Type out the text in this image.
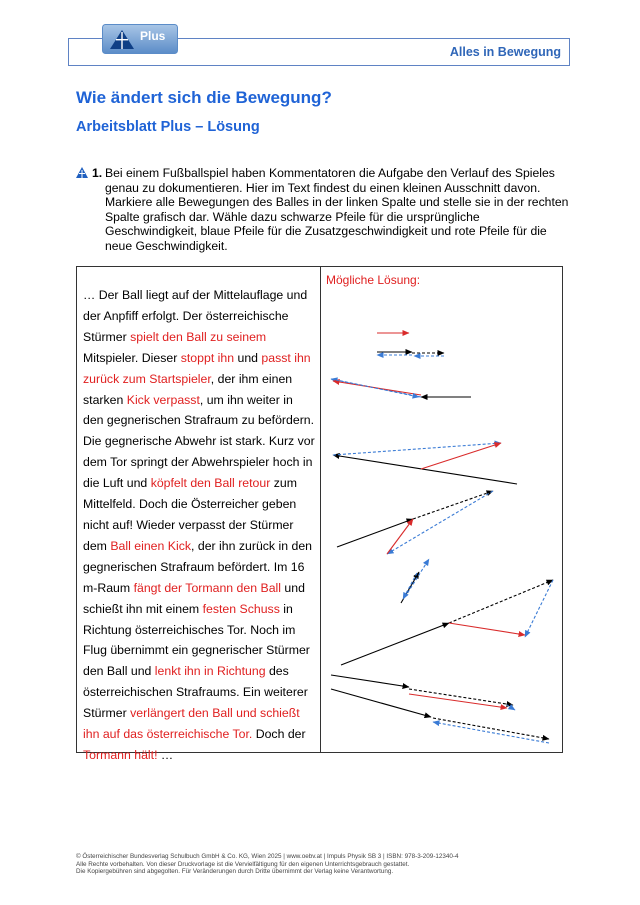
Alles in Bewegung
Plus
Wie ändert sich die Bewegung?
Arbeitsblatt Plus – Lösung
1. Bei einem Fußballspiel haben Kommentatoren die Aufgabe den Verlauf des Spieles genau zu dokumentieren. Hier im Text findest du einen kleinen Ausschnitt davon. Markiere alle Bewegungen des Balles in der linken Spalte und stelle sie in der rechten Spalte grafisch dar. Wähle dazu schwarze Pfeile für die ursprüngliche Geschwindigkeit, blaue Pfeile für die Zusatzgeschwindigkeit und rote Pfeile für die neue Geschwindigkeit.
… Der Ball liegt auf der Mittelauflage und der Anpfiff erfolgt. Der österreichische Stürmer spielt den Ball zu seinem Mitspieler. Dieser stoppt ihn und passt ihn zurück zum Startspieler, der ihm einen starken Kick verpasst, um ihn weiter in den gegnerischen Strafraum zu befördern. Die gegnerische Abwehr ist stark. Kurz vor dem Tor springt der Abwehrspieler hoch in die Luft und köpfelt den Ball retour zum Mittelfeld. Doch die Österreicher geben nicht auf! Wieder verpasst der Stürmer dem Ball einen Kick, der ihn zurück in den gegnerischen Strafraum befördert. Im 16 m-Raum fängt der Tormann den Ball und schießt ihn mit einem festen Schuss in Richtung österreichisches Tor. Noch im Flug übernimmt ein gegnerischer Stürmer den Ball und lenkt ihn in Richtung des österreichischen Strafraums. Ein weiterer Stürmer verlängert den Ball und schießt ihn auf das österreichische Tor. Doch der Tormann hält! …
Mögliche Lösung:
© Österreichischer Bundesverlag Schulbuch GmbH & Co. KG, Wien 2025 | www.oebv.at | Impuls Physik SB 3 | ISBN: 978-3-209-12340-4
Alle Rechte vorbehalten. Von dieser Druckvorlage ist die Vervielfältigung für den eigenen Unterrichtsgebrauch gestattet.
Die Kopiergebühren sind abgegolten. Für Veränderungen durch Dritte übernimmt der Verlag keine Verantwortung.
